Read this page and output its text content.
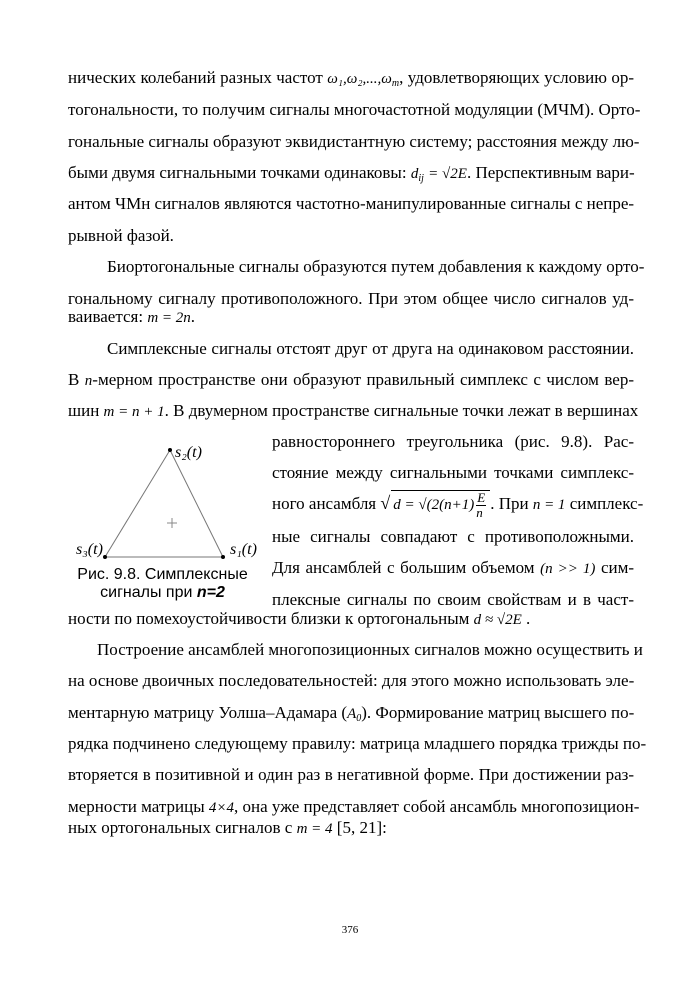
нических колебаний разных частот $\omega_1,\omega_2,...,\omega_m$, удовлетворяющих условию ор-
тогональности, то получим сигналы многочастотной модуляции (МЧМ). Орто-
гональные сигналы образуют эквидистантную систему; расстояния между лю-
быми двумя сигнальными точками одинаковы: $d_{ij} = √2E$. Перспективным вари-
антом ЧМн сигналов являются частотно-манипулированные сигналы с непре-
рывной фазой.
Биортогональные сигналы образуются путем добавления к каждому орто-
гональному сигналу противоположного. При этом общее число сигналов уд-
ваивается: m = 2n.
Симплексные сигналы отстоят друг от друга на одинаковом расстоянии.
В n-мерном пространстве они образуют правильный симплекс с числом вер-
шин m = n + 1. В двумерном пространстве сигнальные точки лежат в вершинах
равностороннего треугольника (рис. 9.8). Рас-
стояние между сигнальными точками симплекс-
ного ансамбля √ $d = √(2(n+1) \frac{E}{n}$ . При n = 1 симплекс-
ные сигналы совпадают с противоположными.
Для ансамблей с большим объемом (n >> 1) сим-
плексные сигналы по своим свойствам и в част-
ности по помехоустойчивости близки к ортогональным d ≈ √2E .
Построение ансамблей многопозиционных сигналов можно осуществить и
на основе двоичных последовательностей: для этого можно использовать эле-
ментарную матрицу Уолша–Адамара $(A_0)$. Формирование матриц высшего по-
рядка подчинено следующему правилу: матрица младшего порядка трижды по-
вторяется в позитивной и один раз в негативной форме. При достижении раз-
мерности матрицы 4×4, она уже представляет собой ансамбль многопозицион-
ных ортогональных сигналов с m = 4 [5, 21]:
s₂(t)
s₃(t)	s₁(t)
Рис. 9.8. Симплексные
сигналы при n=2
376
